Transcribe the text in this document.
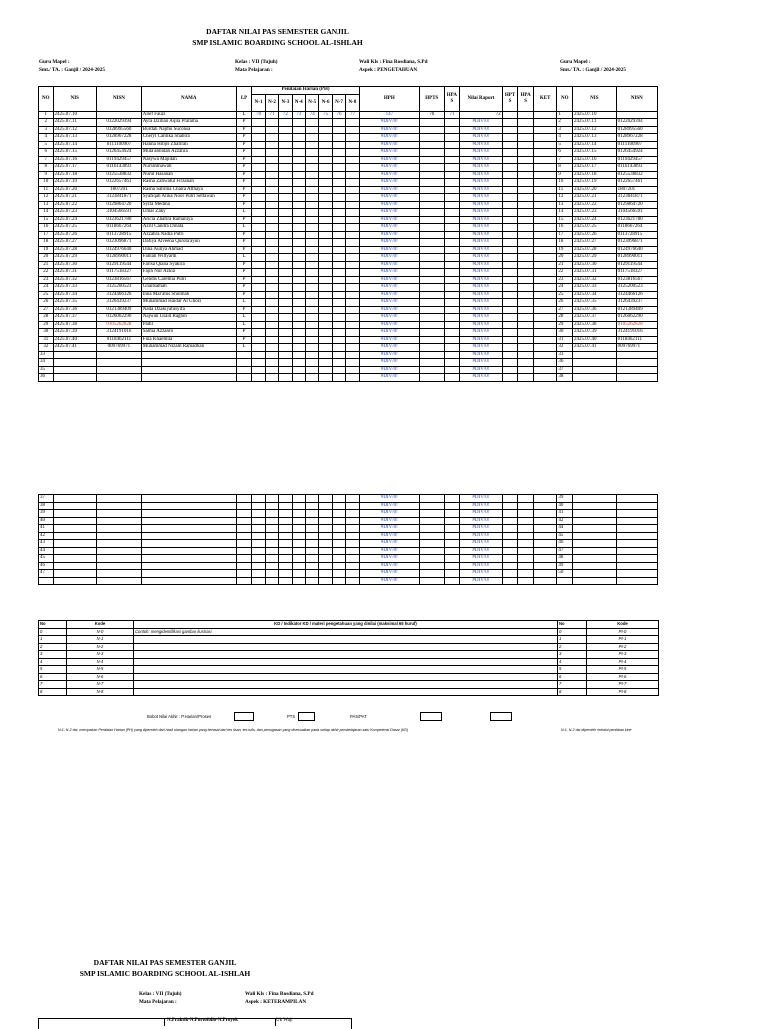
DAFTAR NILAI PAS SEMESTER GANJIL
SMP ISLAMIC BOARDING SCHOOL AL-ISHLAH
Guru Mapel :
Smt./ TA. : Ganjil / 2024-2025
Kelas : VII (Tujuh)
Mata Pelajaran :
Wali Kls : Fina Rosdiana, S.Pd
Aspek : PENGETAHUAN
Guru Mapel :
Smt./ TA. : Ganjil / 2024-2025
NO	NIS	NISN	NAMA	LP	Penilaian Harian (PH)								HPH	HPTS	HPA S	Nilai Raport	HPT S	HPA S	KET	NO	NIS	NISN
					N-1	N-2	N-3	N-4	N-5	N-6	N-7	N-8										
1	2425.07.10		Alief Fauzi	L	70	71	72	73	74	75	76	77	147	70	71	72				1	2425.07.10	
2	2425.07.11	0122029394	Ayra Izzihan Aqila Pratama	P									#DIV/0!			#DIV/0!				2	2425.07.11	0122029394
3	2425.07.12	0128995560	Burdah Najmu Suconsa	P									#DIV/0!			#DIV/0!				3	2425.07.12	0128995560
4	2425.07.13	0128967228	Cheryl Cantika Shabira	P									#DIV/0!			#DIV/0!				4	2425.07.13	0128967228
5	2425.07.14	0111100907	Hanna Hibjis Zhafirah	P									#DIV/0!			#DIV/0!				5	2425.07.14	0111100907
6	2425.07.15	0126454924	Muta'abbidah Azzahra	P									#DIV/0!			#DIV/0!				6	2425.07.15	0126454924
7	2425.07.16	0119429457	Nasywa Majidah	P									#DIV/0!			#DIV/0!				7	2425.07.16	0119429457
8	2425.07.17	0116143893	Nurrahmawati	P									#DIV/0!			#DIV/0!				8	2425.07.17	0116143893
9	2425.07.18	0125538832	Nurul Hasanah	P									#DIV/0!			#DIV/0!				9	2425.07.18	0125538832
10	2425.07.19	0122657461	Rasha Zahwatul Firzanah	P									#DIV/0!			#DIV/0!				10	2425.07.19	0122657461
11	2425.07.20	1807201	Rasha Sabrina Chaira Atthaya	P									#DIV/0!			#DIV/0!				11	2425.07.20	1807201
12	2425.07.21	3123841871	Syafiqah Alina Noor Putri Settawan	P									#DIV/0!			#DIV/0!				12	2425.07.21	3123841871
13	2425.07.22	0129864720	Syifa Medina	P									#DIV/0!			#DIV/0!				13	2425.07.22	0129864720
14	2425.07.23	3104566591	Umar Zaky	L									#DIV/0!			#DIV/0!				14	2425.07.23	3104566591
15	2425.07.24	0123621780	Aricia Zhafira Ramaniya	P									#DIV/0!			#DIV/0!				15	2425.07.24	0123621780
16	2425.07.25	0118667264	Azril Candra Dinata	L									#DIV/0!			#DIV/0!				16	2425.07.25	0118667264
17	2425.07.26	0113728915	Azzahra Nadia Putri	P									#DIV/0!			#DIV/0!				17	2425.07.26	0113728915
18	2425.07.27	0123096871	Dafiya Alveena Qurota'ayun	P									#DIV/0!			#DIV/0!				18	2425.07.27	0123096871
19	2425.07.28	0124976640	Dina Auliya Ahmad	P									#DIV/0!			#DIV/0!				19	2425.07.28	0124976640
20	2425.07.29	0128990011	Fabian Willyardi	L									#DIV/0!			#DIV/0!				20	2425.07.29	0128990011
21	2425.07.30	0129119544	Farisa Qiana Syakira	P									#DIV/0!			#DIV/0!				21	2425.07.30	0129119544
22	2425.07.31	0117518327	Fajih Nur Azkia	P									#DIV/0!			#DIV/0!				22	2425.07.31	0117518327
23	2425.07.32	0123816567	Gendis Caremia Putri	P									#DIV/0!			#DIV/0!				23	2425.07.32	0123816567
24	2425.07.33	3125200523	Ghaitsamah	P									#DIV/0!			#DIV/0!				24	2425.07.33	3125200523
25	2425.07.34	3124466126	Inna Mar'atus Sholihah	P									#DIV/0!			#DIV/0!				25	2425.07.34	3124466126
26	2425.07.35	3126439237	Muhammad Haidar Al Ghozi	L									#DIV/0!			#DIV/0!				26	2425.07.35	3126439237
27	2425.07.36	0121389409	Nada Dzakiyatusyifa	P									#DIV/0!			#DIV/0!				27	2425.07.36	0121389409
28	2425.07.37	0126062290	Najwan Usaid Raghib	L									#DIV/0!			#DIV/0!				28	2425.07.37	0126062290
29	2425.07.38	0105262828	Padil	L									#DIV/0!			#DIV/0!				29	2425.07.38	0105262828
30	2425.07.39	3124191016	Salma Azzahro	P									#DIV/0!			#DIV/0!				30	2425.07.39	3124191016
31	2425.07.40	0118462111	Fina Khaemila	P									#DIV/0!			#DIV/0!				31	2425.07.40	0118462111
32	2425.07.41	009769971	Muhammad Nizam Ramadhan	L									#DIV/0!			#DIV/0!				32	2425.07.41	009769971
33													#DIV/0!			#DIV/0!				33		
34													#DIV/0!			#DIV/0!				36		
35													#DIV/0!			#DIV/0!				37		
36													#DIV/0!			#DIV/0!				38		
37													#DIV/0!			#DIV/0!				39		
38													#DIV/0!			#DIV/0!				40		
39													#DIV/0!			#DIV/0!				41		
40													#DIV/0!			#DIV/0!				42		
41													#DIV/0!			#DIV/0!				44		
42													#DIV/0!			#DIV/0!				45		
43													#DIV/0!			#DIV/0!				46		
44													#DIV/0!			#DIV/0!				47		
45													#DIV/0!			#DIV/0!				48		
46													#DIV/0!			#DIV/0!				49		
47													#DIV/0!			#DIV/0!				50		
													#DIV/0!			#DIV/0!						
No	Kode	KD / Indikator KD / materi pengetahuan yang dinilai (maksimal 65 huruf)	No	Kode
0	N-0	Contoh: mengidentifikasi gambar ilustrasi	0	Pt-0
1	N-1		1	Pt-1
2	N-2		2	Pt-2
3	N-3		3	Pt-3
4	N-4		4	Pt-4
5	N-5		5	Pt-5
6	N-6		6	Pt-6
7	N-7		7	Pt-7
8	N-8		8	Pt-8
Bobot Nilai Akhir : P.Harian/Proses	PTS	PAS/PAT
N-1, N-2 dst. merupakan Penilaian Harian (PH) yang diperoleh dari hasil ulangan harian yang berasal dari tes lisan, tes tulis, dan penugasan yang disesuaikan pada setiap akhir pembelajaran satu Kompetensi Dasar (KD)	N-1, N-2 dst diperoleh melalui penilaian kine
DAFTAR NILAI PAS SEMESTER GANJIL
SMP ISLAMIC BOARDING SCHOOL AL-ISHLAH
Kelas : VII (Tujuh)
Mata Pelajaran :
Wali Kls : Fina Rosdiana, S.Pd
Aspek : KETERAMPILAN
N.Praktik-N.Portofolio-N.Proyek	Uk Waji
